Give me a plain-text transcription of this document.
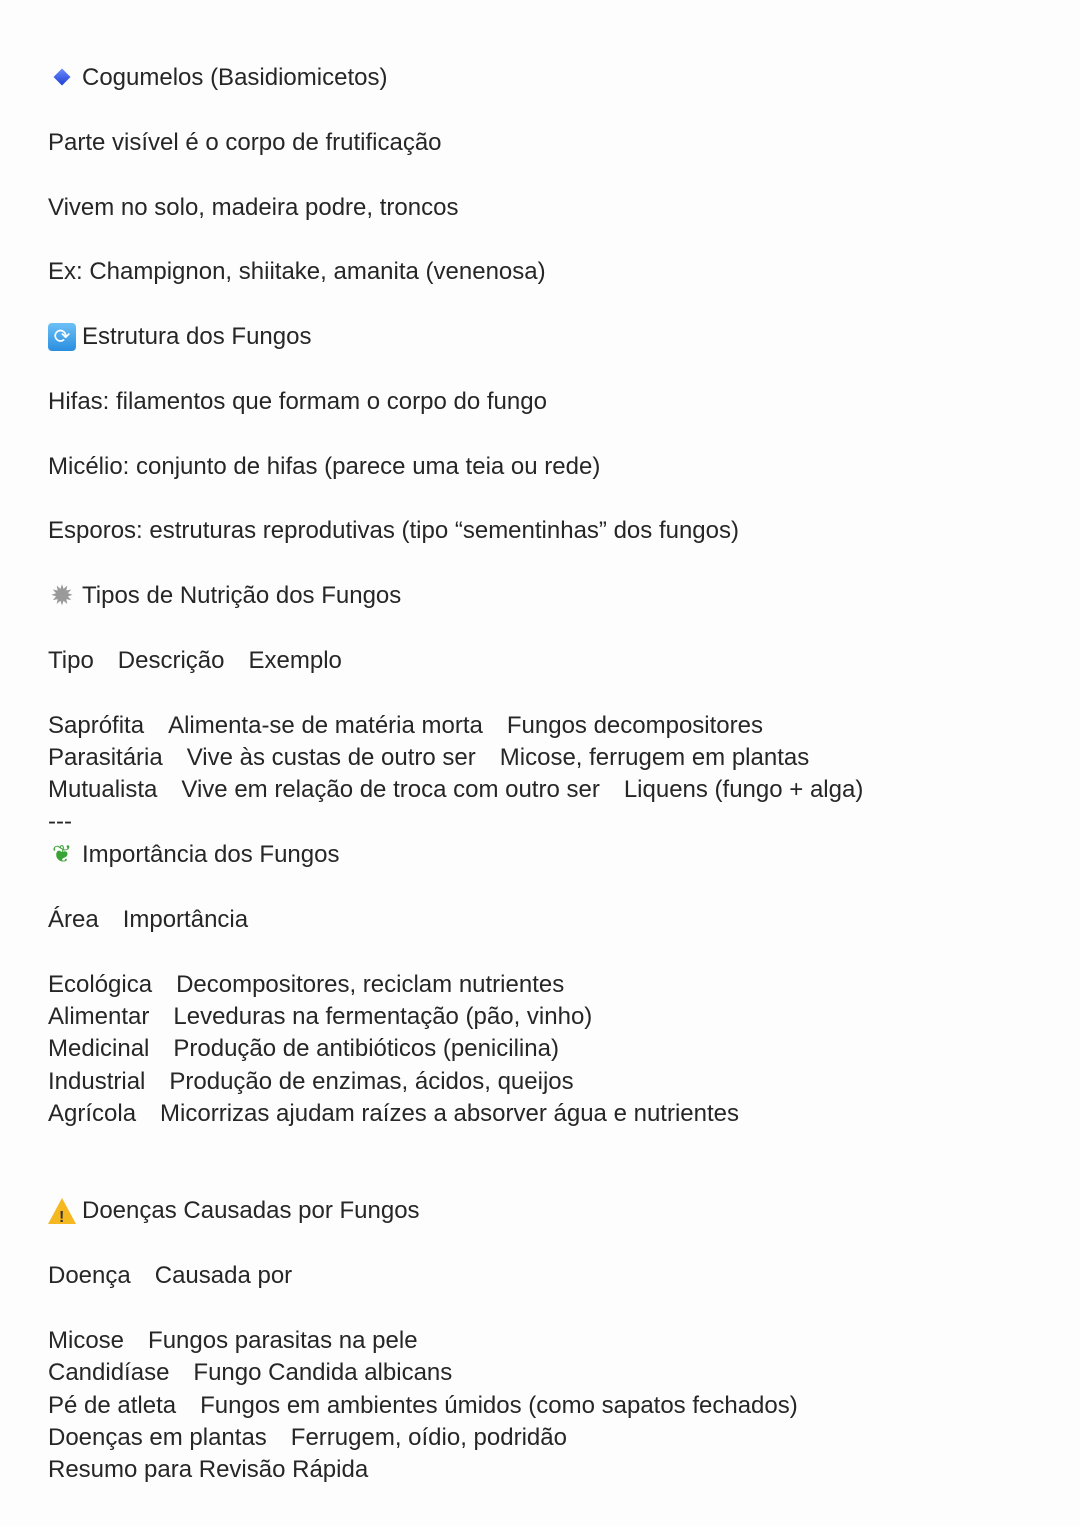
Cogumelos (Basidiomicetos)
Parte visível é o corpo de frutificação
Vivem no solo, madeira podre, troncos
Ex: Champignon, shiitake, amanita (venenosa)
⟳ Estrutura dos Fungos
Hifas: filamentos que formam o corpo do fungo
Micélio: conjunto de hifas (parece uma teia ou rede)
Esporos: estruturas reprodutivas (tipo “sementinhas” dos fungos)
✹ Tipos de Nutrição dos Fungos
Tipo Descrição Exemplo
Saprófita Alimenta-se de matéria morta Fungos decompositores
Parasitária Vive às custas de outro ser Micose, ferrugem em plantas
Mutualista Vive em relação de troca com outro ser Liquens (fungo + alga)
---
❦ Importância dos Fungos
Área Importância
Ecológica Decompositores, reciclam nutrientes
Alimentar Leveduras na fermentação (pão, vinho)
Medicinal Produção de antibióticos (penicilina)
Industrial Produção de enzimas, ácidos, queijos
Agrícola Micorrizas ajudam raízes a absorver água e nutrientes
! Doenças Causadas por Fungos
Doença Causada por
Micose Fungos parasitas na pele
Candidíase Fungo Candida albicans
Pé de atleta Fungos em ambientes úmidos (como sapatos fechados)
Doenças em plantas Ferrugem, oídio, podridão
Resumo para Revisão Rápida
